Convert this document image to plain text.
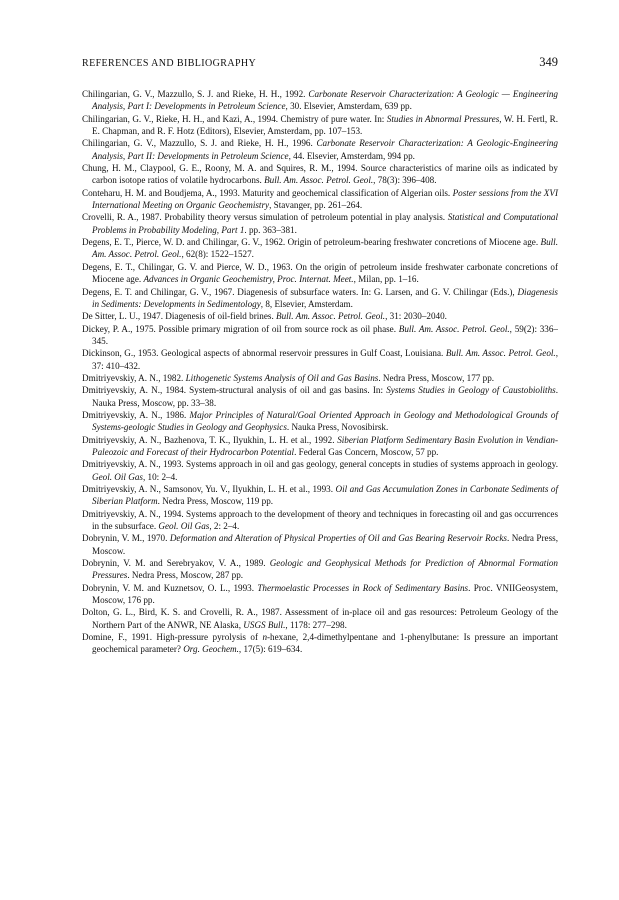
REFERENCES AND BIBLIOGRAPHY	349

Chilingarian, G. V., Mazzullo, S. J. and Rieke, H. H., 1992. Carbonate Reservoir Characterization: A Geologic — Engineering Analysis, Part I: Developments in Petroleum Science, 30. Elsevier, Amsterdam, 639 pp.

Chilingarian, G. V., Rieke, H. H., and Kazi, A., 1994. Chemistry of pure water. In: Studies in Abnormal Pressures, W. H. Fertl, R. E. Chapman, and R. F. Hotz (Editors), Elsevier, Amsterdam, pp. 107–153.

Chilingarian, G. V., Mazzullo, S. J. and Rieke, H. H., 1996. Carbonate Reservoir Characterization: A Geologic-Engineering Analysis, Part II: Developments in Petroleum Science, 44. Elsevier, Amsterdam, 994 pp.

Chung, H. M., Claypool, G. E., Roony, M. A. and Squires, R. M., 1994. Source characteristics of marine oils as indicated by carbon isotope ratios of volatile hydrocarbons. Bull. Am. Assoc. Petrol. Geol., 78(3): 396–408.

Conteharu, H. M. and Boudjema, A., 1993. Maturity and geochemical classification of Algerian oils. Poster sessions from the XVI International Meeting on Organic Geochemistry, Stavanger, pp. 261–264.

Crovelli, R. A., 1987. Probability theory versus simulation of petroleum potential in play analysis. Statistical and Computational Problems in Probability Modeling, Part 1. pp. 363–381.

Degens, E. T., Pierce, W. D. and Chilingar, G. V., 1962. Origin of petroleum-bearing freshwater concretions of Miocene age. Bull. Am. Assoc. Petrol. Geol., 62(8): 1522–1527.

Degens, E. T., Chilingar, G. V. and Pierce, W. D., 1963. On the origin of petroleum inside freshwater carbonate concretions of Miocene age. Advances in Organic Geochemistry, Proc. Internat. Meet., Milan, pp. 1–16.

Degens, E. T. and Chilingar, G. V., 1967. Diagenesis of subsurface waters. In: G. Larsen, and G. V. Chilingar (Eds.), Diagenesis in Sediments: Developments in Sedimentology, 8, Elsevier, Amsterdam.

De Sitter, L. U., 1947. Diagenesis of oil-field brines. Bull. Am. Assoc. Petrol. Geol., 31: 2030–2040.

Dickey, P. A., 1975. Possible primary migration of oil from source rock as oil phase. Bull. Am. Assoc. Petrol. Geol., 59(2): 336–345.

Dickinson, G., 1953. Geological aspects of abnormal reservoir pressures in Gulf Coast, Louisiana. Bull. Am. Assoc. Petrol. Geol., 37: 410–432.

Dmitriyevskiy, A. N., 1982. Lithogenetic Systems Analysis of Oil and Gas Basins. Nedra Press, Moscow, 177 pp.

Dmitriyevskiy, A. N., 1984. System-structural analysis of oil and gas basins. In: Systems Studies in Geology of Caustobioliths. Nauka Press, Moscow, pp. 33–38.

Dmitriyevskiy, A. N., 1986. Major Principles of Natural/Goal Oriented Approach in Geology and Methodological Grounds of Systems-geologic Studies in Geology and Geophysics. Nauka Press, Novosibirsk.

Dmitriyevskiy, A. N., Bazhenova, T. K., Ilyukhin, L. H. et al., 1992. Siberian Platform Sedimentary Basin Evolution in Vendian-Paleozoic and Forecast of their Hydrocarbon Potential. Federal Gas Concern, Moscow, 57 pp.

Dmitriyevskiy, A. N., 1993. Systems approach in oil and gas geology, general concepts in studies of systems approach in geology. Geol. Oil Gas, 10: 2–4.

Dmitriyevskiy, A. N., Samsonov, Yu. V., Ilyukhin, L. H. et al., 1993. Oil and Gas Accumulation Zones in Carbonate Sediments of Siberian Platform. Nedra Press, Moscow, 119 pp.

Dmitriyevskiy, A. N., 1994. Systems approach to the development of theory and techniques in forecasting oil and gas occurrences in the subsurface. Geol. Oil Gas, 2: 2–4.

Dobrynin, V. M., 1970. Deformation and Alteration of Physical Properties of Oil and Gas Bearing Reservoir Rocks. Nedra Press, Moscow.

Dobrynin, V. M. and Serebryakov, V. A., 1989. Geologic and Geophysical Methods for Prediction of Abnormal Formation Pressures. Nedra Press, Moscow, 287 pp.

Dobrynin, V. M. and Kuznetsov, O. L., 1993. Thermoelastic Processes in Rock of Sedimentary Basins. Proc. VNIIGeosystem, Moscow, 176 pp.

Dolton, G. L., Bird, K. S. and Crovelli, R. A., 1987. Assessment of in-place oil and gas resources: Petroleum Geology of the Northern Part of the ANWR, NE Alaska, USGS Bull., 1178: 277–298.

Domine, F., 1991. High-pressure pyrolysis of n-hexane, 2,4-dimethylpentane and 1-phenylbutane: Is pressure an important geochemical parameter? Org. Geochem., 17(5): 619–634.
